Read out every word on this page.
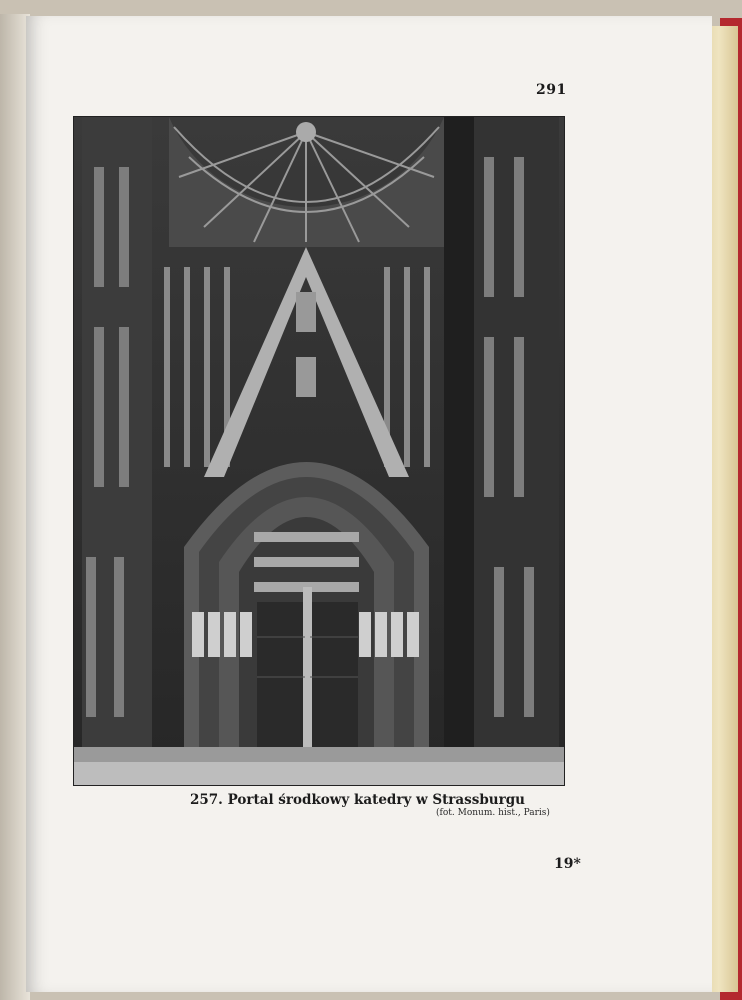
291
257. Portal środkowy katedry w Strassburgu
(fot. Monum. hist., Paris)
19*
